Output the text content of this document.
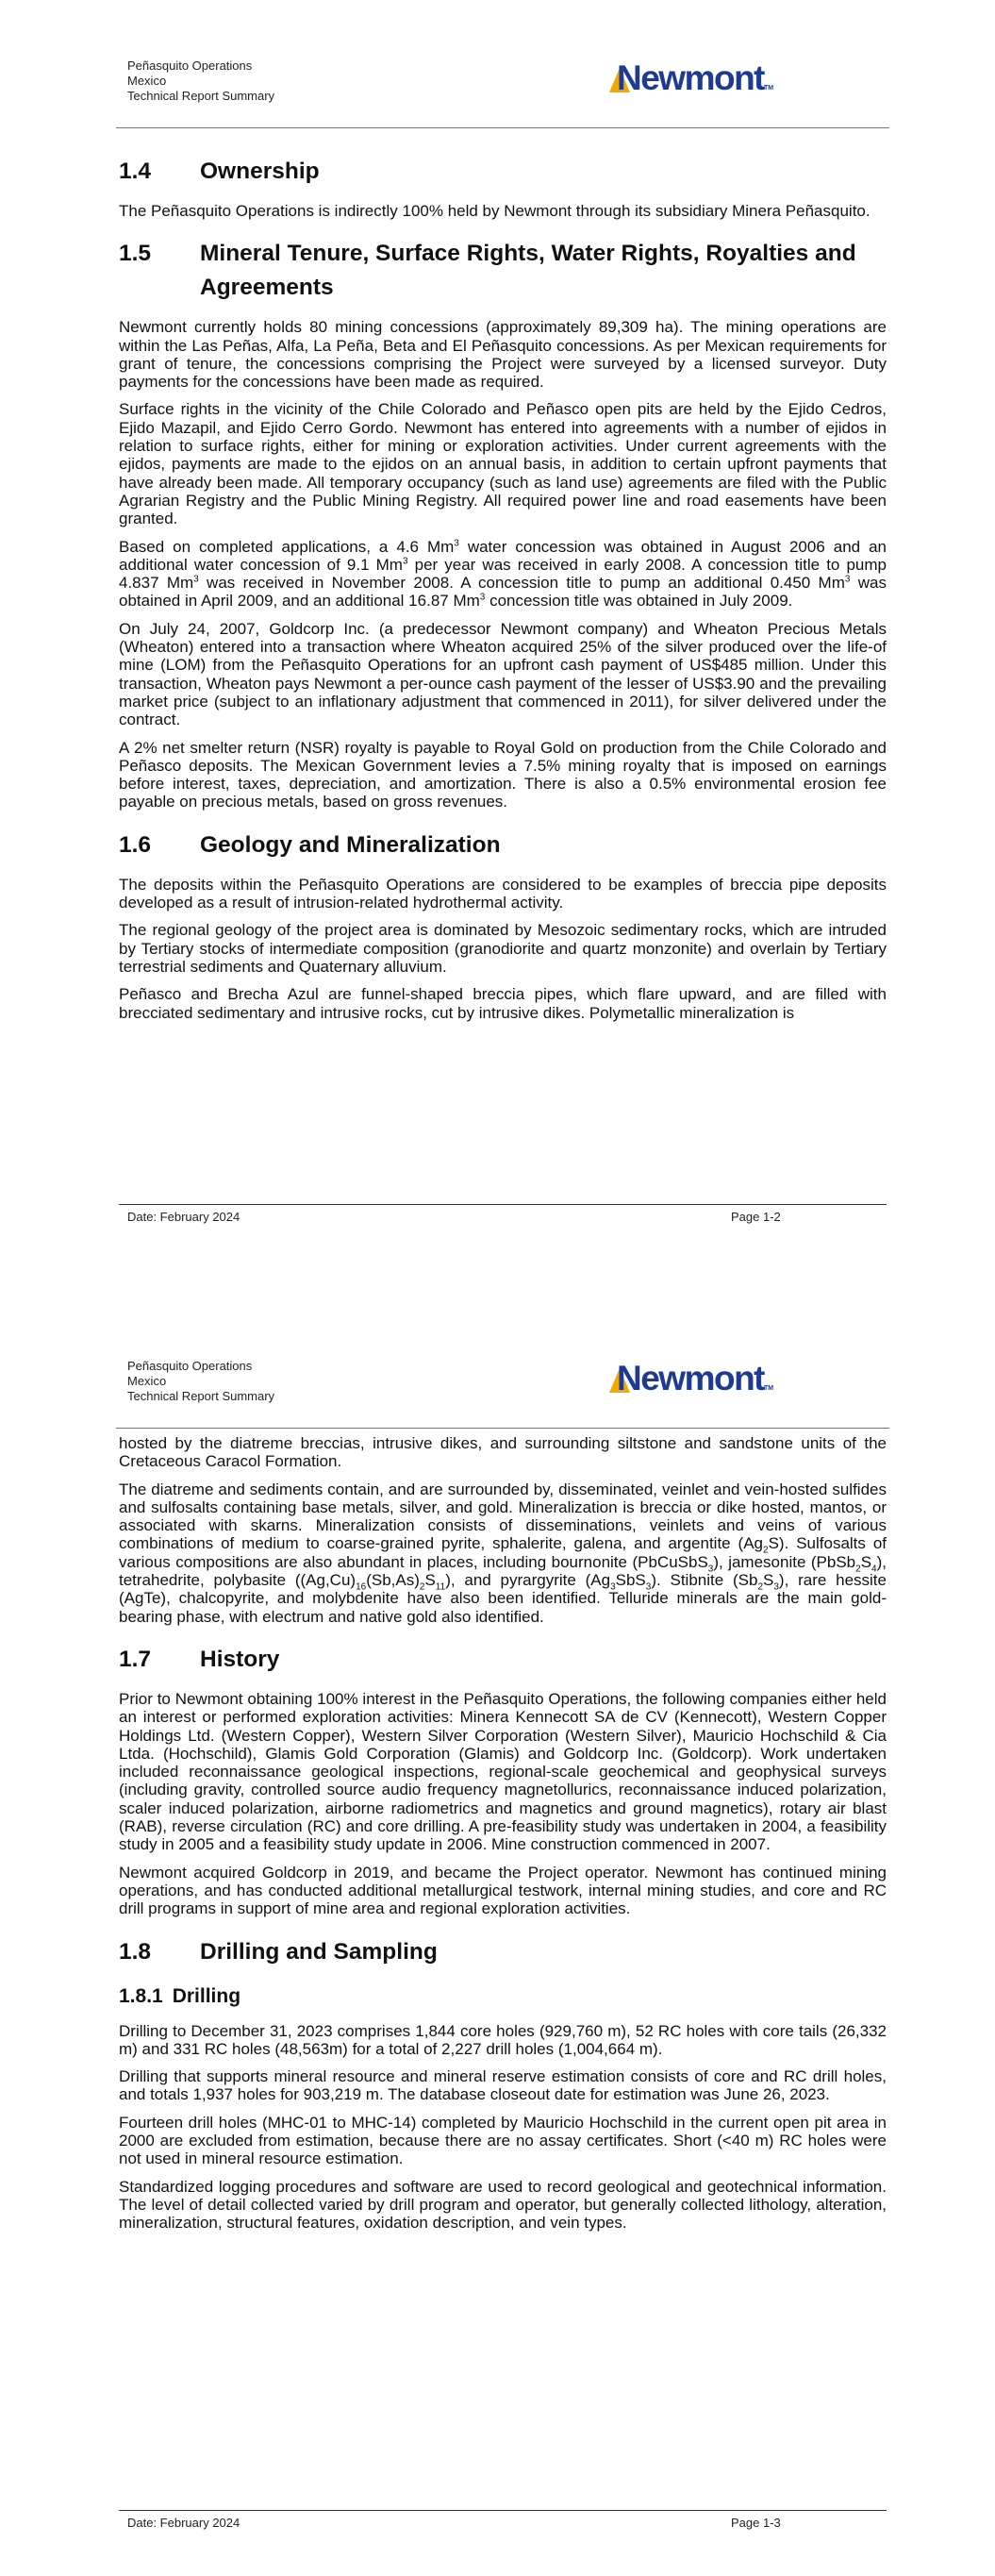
Peñasquito Operations
Mexico
Technical Report Summary	NewmontTM
1.4	Ownership

The Peñasquito Operations is indirectly 100% held by Newmont through its subsidiary Minera Peñasquito.

1.5	Mineral Tenure, Surface Rights, Water Rights, Royalties and Agreements

Newmont currently holds 80 mining concessions (approximately 89,309 ha). The mining operations are within the Las Peñas, Alfa, La Peña, Beta and El Peñasquito concessions. As per Mexican requirements for grant of tenure, the concessions comprising the Project were surveyed by a licensed surveyor. Duty payments for the concessions have been made as required.

Surface rights in the vicinity of the Chile Colorado and Peñasco open pits are held by the Ejido Cedros, Ejido Mazapil, and Ejido Cerro Gordo. Newmont has entered into agreements with a number of ejidos in relation to surface rights, either for mining or exploration activities. Under current agreements with the ejidos, payments are made to the ejidos on an annual basis, in addition to certain upfront payments that have already been made. All temporary occupancy (such as land use) agreements are filed with the Public Agrarian Registry and the Public Mining Registry. All required power line and road easements have been granted.

Based on completed applications, a 4.6 Mm$^3$ water concession was obtained in August 2006 and an additional water concession of 9.1 Mm$^3$ per year was received in early 2008. A concession title to pump 4.837 Mm$^3$ was received in November 2008. A concession title to pump an additional 0.450 Mm$^3$ was obtained in April 2009, and an additional 16.87 Mm$^3$ concession title was obtained in July 2009.

On July 24, 2007, Goldcorp Inc. (a predecessor Newmont company) and Wheaton Precious Metals (Wheaton) entered into a transaction where Wheaton acquired 25% of the silver produced over the life-of mine (LOM) from the Peñasquito Operations for an upfront cash payment of US$485 million. Under this transaction, Wheaton pays Newmont a per-ounce cash payment of the lesser of US$3.90 and the prevailing market price (subject to an inflationary adjustment that commenced in 2011), for silver delivered under the contract.

A 2% net smelter return (NSR) royalty is payable to Royal Gold on production from the Chile Colorado and Peñasco deposits. The Mexican Government levies a 7.5% mining royalty that is imposed on earnings before interest, taxes, depreciation, and amortization. There is also a 0.5% environmental erosion fee payable on precious metals, based on gross revenues.

1.6	Geology and Mineralization

The deposits within the Peñasquito Operations are considered to be examples of breccia pipe deposits developed as a result of intrusion-related hydrothermal activity.

The regional geology of the project area is dominated by Mesozoic sedimentary rocks, which are intruded by Tertiary stocks of intermediate composition (granodiorite and quartz monzonite) and overlain by Tertiary terrestrial sediments and Quaternary alluvium.

Peñasco and Brecha Azul are funnel-shaped breccia pipes, which flare upward, and are filled with brecciated sedimentary and intrusive rocks, cut by intrusive dikes. Polymetallic mineralization is

Date: February 2024	Page 1-2
Peñasquito Operations
Mexico
Technical Report Summary	NewmontTM

hosted by the diatreme breccias, intrusive dikes, and surrounding siltstone and sandstone units of the Cretaceous Caracol Formation.

The diatreme and sediments contain, and are surrounded by, disseminated, veinlet and vein-hosted sulfides and sulfosalts containing base metals, silver, and gold. Mineralization is breccia or dike hosted, mantos, or associated with skarns. Mineralization consists of disseminations, veinlets and veins of various combinations of medium to coarse-grained pyrite, sphalerite, galena, and argentite $(Ag_2S)$. Sulfosalts of various compositions are also abundant in places, including bournonite (PbCuSbS$_3$), jamesonite $(PbSb_2S_4)$, tetrahedrite, polybasite $((Ag,Cu)_{16}(Sb,As)_2S_{11})$, and pyrargyrite $(Ag_3SbS_3)$. Stibnite $(Sb_2S_3)$, rare hessite (AgTe), chalcopyrite, and molybdenite have also been identified. Telluride minerals are the main gold-bearing phase, with electrum and native gold also identified.

1.7	History

Prior to Newmont obtaining 100% interest in the Peñasquito Operations, the following companies either held an interest or performed exploration activities: Minera Kennecott SA de CV (Kennecott), Western Copper Holdings Ltd. (Western Copper), Western Silver Corporation (Western Silver), Mauricio Hochschild & Cia Ltda. (Hochschild), Glamis Gold Corporation (Glamis) and Goldcorp Inc. (Goldcorp). Work undertaken included reconnaissance geological inspections, regional-scale geochemical and geophysical surveys (including gravity, controlled source audio frequency magnetollurics, reconnaissance induced polarization, scaler induced polarization, airborne radiometrics and magnetics and ground magnetics), rotary air blast (RAB), reverse circulation (RC) and core drilling. A pre-feasibility study was undertaken in 2004, a feasibility study in 2005 and a feasibility study update in 2006. Mine construction commenced in 2007.

Newmont acquired Goldcorp in 2019, and became the Project operator. Newmont has continued mining operations, and has conducted additional metallurgical testwork, internal mining studies, and core and RC drill programs in support of mine area and regional exploration activities.

1.8	Drilling and Sampling
1.8.1 Drilling

Drilling to December 31, 2023 comprises 1,844 core holes (929,760 m), 52 RC holes with core tails (26,332 m) and 331 RC holes (48,563m) for a total of 2,227 drill holes (1,004,664 m).

Drilling that supports mineral resource and mineral reserve estimation consists of core and RC drill holes, and totals 1,937 holes for 903,219 m. The database closeout date for estimation was June 26, 2023.

Fourteen drill holes (MHC-01 to MHC-14) completed by Mauricio Hochschild in the current open pit area in 2000 are excluded from estimation, because there are no assay certificates. Short (<40 m) RC holes were not used in mineral resource estimation.

Standardized logging procedures and software are used to record geological and geotechnical information. The level of detail collected varied by drill program and operator, but generally collected lithology, alteration, mineralization, structural features, oxidation description, and vein types.

Date: February 2024	Page 1-3
